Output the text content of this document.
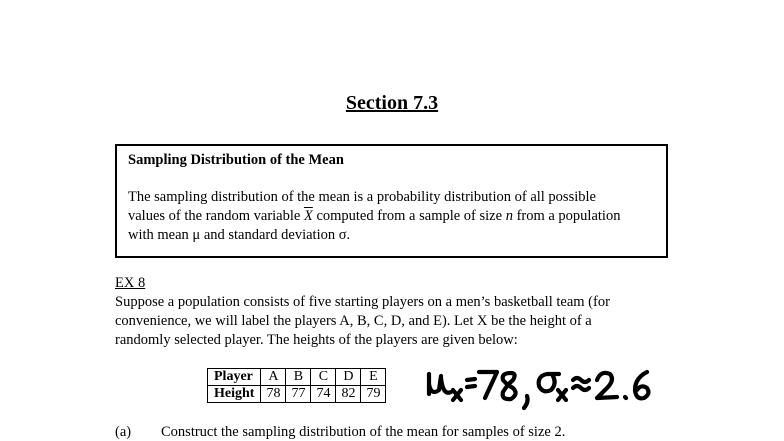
Section 7.3
Sampling Distribution of the Mean
The sampling distribution of the mean is a probability distribution of all possible
values of the random variable $\overline{X}$ computed from a sample of size n from a population
with mean μ and standard deviation σ.
EX 8
Suppose a population consists of five starting players on a men’s basketball team (for
convenience, we will label the players A, B, C, D, and E). Let X be the height of a
randomly selected player. The heights of the players are given below:
Player	A	B	C	D	E
Height	78	77	74	82	79
(a) Construct the sampling distribution of the mean for samples of size 2.
